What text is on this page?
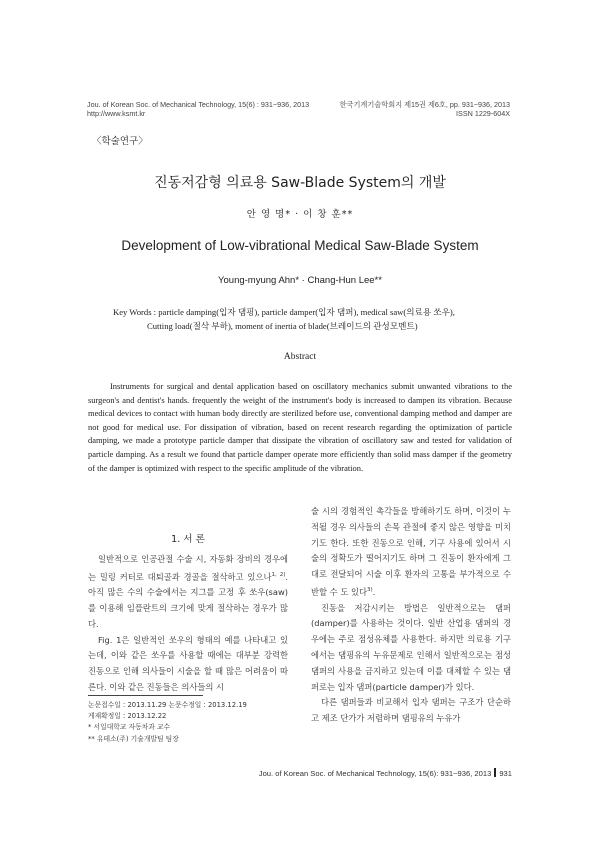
Jou. of Korean Soc. of Mechanical Technology, 15(6) : 931~936, 2013
http://www.ksmt.kr
한국기계기술학회지 제15권 제6호, pp. 931~936, 2013
ISSN 1229-604X
〈학술연구〉
진동저감형 의료용 Saw-Blade System의 개발
안 영 명* · 이 창 훈**
Development of Low-vibrational Medical Saw-Blade System
Young-myung Ahn* · Chang-Hun Lee**
Key Words : particle damping(입자 댐핑), particle damper(입자 댐퍼), medical saw(의료용 쏘우),
Cutting load(절삭 부하), moment of inertia of blade(브레이드의 관성모멘트)
Abstract
Instruments for surgical and dental application based on oscillatory mechanics submit unwanted vibrations to the surgeon's and dentist's hands. frequently the weight of the instrument's body is increased to dampen its vibration. Because medical devices to contact with human body directly are sterilized before use, conventional damping method and damper are not good for medical use. For dissipation of vibration, based on recent research regarding the optimization of particle damping, we made a prototype particle damper that dissipate the vibration of oscillatory saw and tested for validation of particle damping. As a result we found that particle damper operate more efficiently than solid mass damper if the geometry of the damper is optimized with respect to the specific amplitude of the vibration.
1. 서 론

일반적으로 인공관절 수술 시, 자동화 장비의 경우에는 밀링 커터로 대퇴골과 경골을 절삭하고 있으나$^{1, 2)}$. 아직 많은 수의 수술에서는 지그를 고정 후 쏘우(saw)를 이용해 임플란트의 크기에 맞게 절삭하는 경우가 많다.

Fig. 1은 일반적인 쏘우의 형태의 예를 나타내고 있는데, 이와 같은 쏘우를 사용할 때에는 대부분 강력한 진동으로 인해 의사들이 시술을 할 때 많은 어려움이 따른다. 이와 같은 진동들은 의사들의 시

술 시의 경험적인 촉각들을 방해하기도 하며, 이것이 누적될 경우 의사들의 손목 관절에 좋지 않은 영향을 미치기도 한다. 또한 진동으로 인해, 기구 사용에 있어서 시술의 정확도가 떨어지기도 하며 그 진동이 환자에게 그대로 전달되어 시술 이후 환자의 고통을 부가적으로 수반할 수 도 있다$^{3)}$.

진동을 저감시키는 방법은 일반적으로는 댐퍼(damper)를 사용하는 것이다. 일반 산업용 댐퍼의 경우에는 주로 점성유체를 사용한다. 하지만 의료용 기구에서는 댐핑유의 누유문제로 인해서 일반적으로는 점성 댐퍼의 사용을 금지하고 있는데 이를 대체할 수 있는 댐퍼로는 입자 댐퍼(particle damper)가 있다.

다른 댐퍼들과 비교해서 입자 댐퍼는 구조가 단순하고 제조 단가가 저렴하며 댐핑유의 누유가

논문접수일 : 2013.11.29 논문수정일 : 2013.12.19
게재확정일 : 2013.12.22
* 서일대학교 자동차과 교수
** 유테소(주) 기술개발팀 팀장
Jou. of Korean Soc. of Mechanical Technology, 15(6): 931~936, 2013 931
